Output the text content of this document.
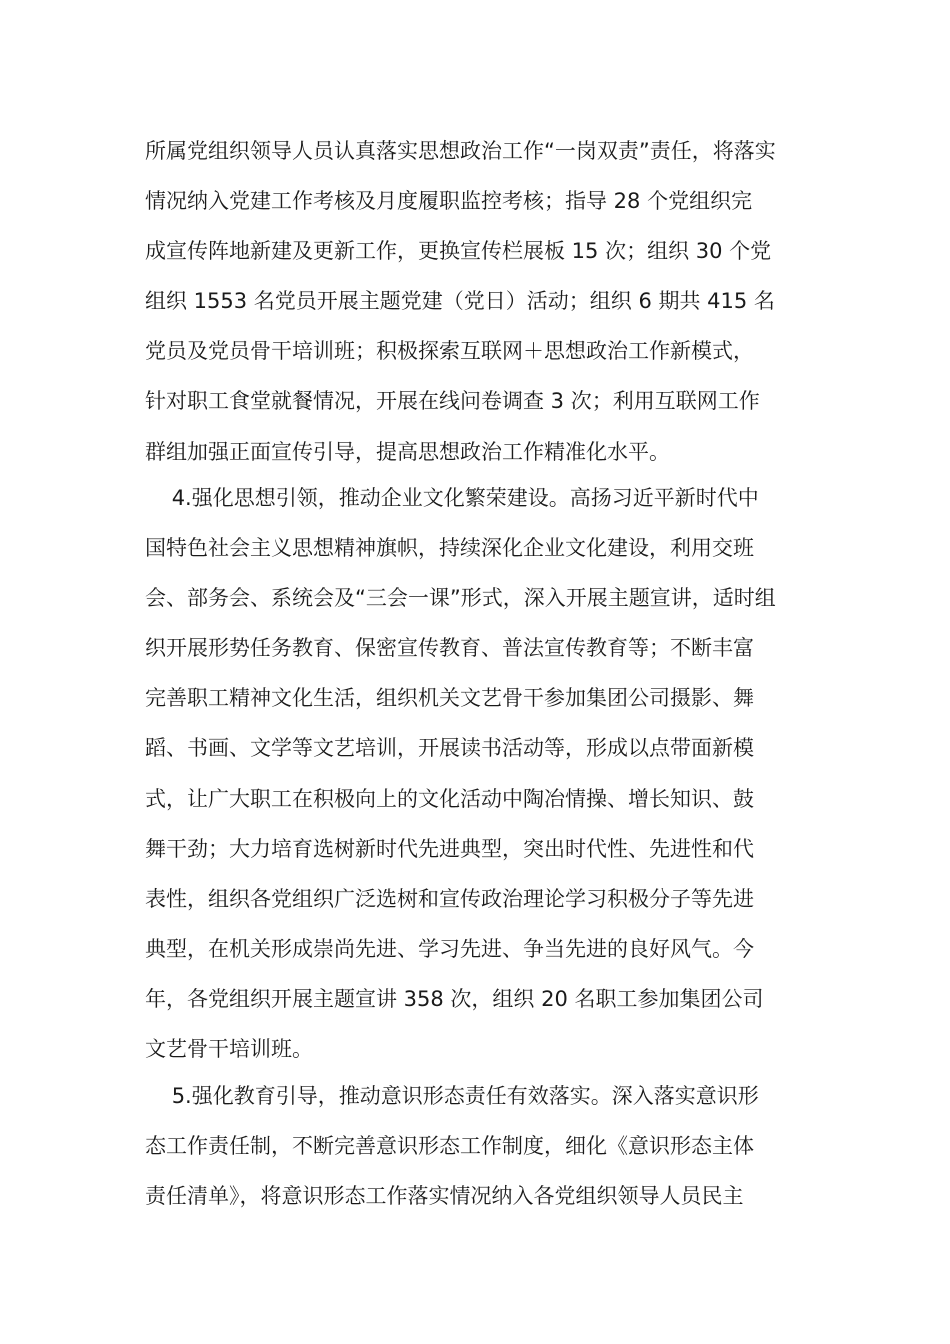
所属党组织领导人员认真落实思想政治工作“一岗双责”责任，将落实
情况纳入党建工作考核及月度履职监控考核；指导 28 个党组织完
成宣传阵地新建及更新工作，更换宣传栏展板 15 次；组织 30 个党
组织 1553 名党员开展主题党建（党日）活动；组织 6 期共 415 名
党员及党员骨干培训班；积极探索互联网＋思想政治工作新模式，
针对职工食堂就餐情况，开展在线问卷调查 3 次；利用互联网工作
群组加强正面宣传引导，提高思想政治工作精准化水平。
4.强化思想引领，推动企业文化繁荣建设。高扬习近平新时代中
国特色社会主义思想精神旗帜，持续深化企业文化建设，利用交班
会、部务会、系统会及“三会一课”形式，深入开展主题宣讲，适时组
织开展形势任务教育、保密宣传教育、普法宣传教育等；不断丰富
完善职工精神文化生活，组织机关文艺骨干参加集团公司摄影、舞
蹈、书画、文学等文艺培训，开展读书活动等，形成以点带面新模
式，让广大职工在积极向上的文化活动中陶冶情操、增长知识、鼓
舞干劲；大力培育选树新时代先进典型，突出时代性、先进性和代
表性，组织各党组织广泛选树和宣传政治理论学习积极分子等先进
典型，在机关形成崇尚先进、学习先进、争当先进的良好风气。今
年，各党组织开展主题宣讲 358 次，组织 20 名职工参加集团公司
文艺骨干培训班。
5.强化教育引导，推动意识形态责任有效落实。深入落实意识形
态工作责任制，不断完善意识形态工作制度，细化《意识形态主体
责任清单》，将意识形态工作落实情况纳入各党组织领导人员民主
